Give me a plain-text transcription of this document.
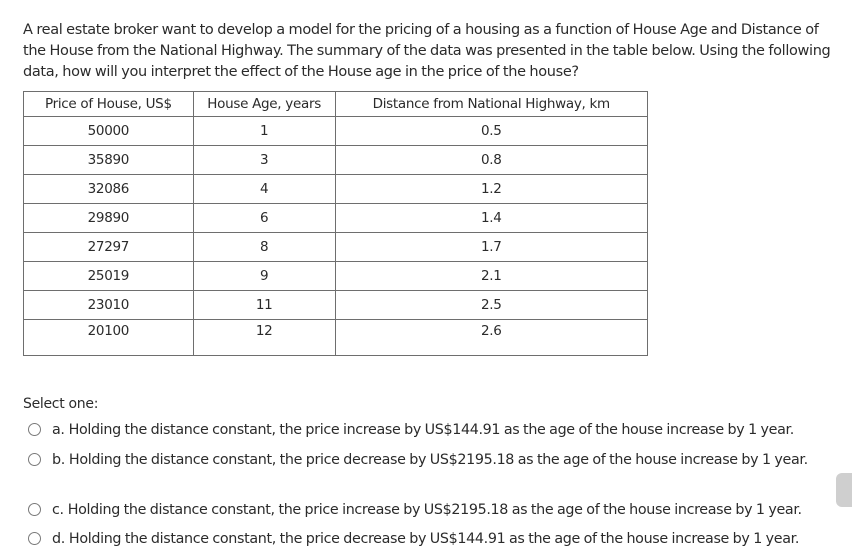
A real estate broker want to develop a model for the pricing of a housing as a function of House Age and Distance of the House from the National Highway. The summary of the data was presented in the table below. Using the following data, how will you interpret the effect of the House age in the price of the house?
Price of House, US$	House Age, years	Distance from National Highway, km
50000	1	0.5
35890	3	0.8
32086	4	1.2
29890	6	1.4
27297	8	1.7
25019	9	2.1
23010	11	2.5
20100	12	2.6
Select one:
a. Holding the distance constant, the price increase by US$144.91 as the age of the house increase by 1 year.
b. Holding the distance constant, the price decrease by US$2195.18 as the age of the house increase by 1 year.
c. Holding the distance constant, the price increase by US$2195.18 as the age of the house increase by 1 year.
d. Holding the distance constant, the price decrease by US$144.91 as the age of the house increase by 1 year.
